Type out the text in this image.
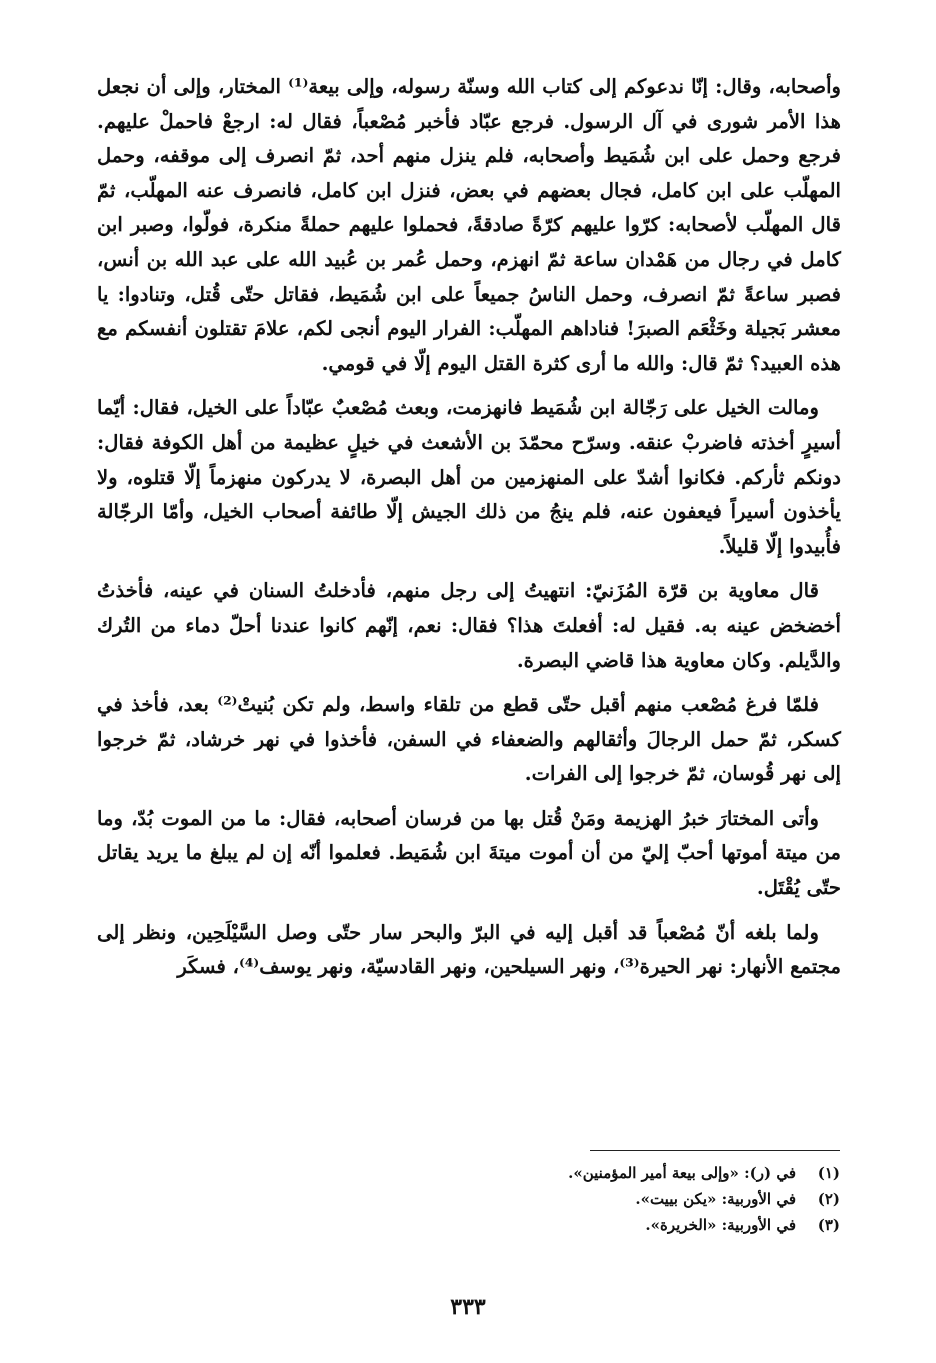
وأصحابه، وقال: إنّا ندعوكم إلى كتاب الله وسنّة رسوله، وإلى بيعة⁽¹⁾ المختار، وإلى أن نجعل هذا الأمر شورى في آل الرسول. فرجع عبّاد فأخبر مُصْعباً، فقال له: ارجعْ فاحملْ عليهم. فرجع وحمل على ابن شُمَيط وأصحابه، فلم ينزل منهم أحد، ثمّ انصرف إلى موقفه، وحمل المهلّب على ابن كامل، فجال بعضهم في بعض، فنزل ابن كامل، فانصرف عنه المهلّب، ثمّ قال المهلّب لأصحابه: كرّوا عليهم كرّةً صادقةً، فحملوا عليهم حملةً منكرة، فولّوا، وصبر ابن كامل في رجال من هَمْدان ساعة ثمّ انهزم، وحمل عُمر بن عُبيد الله على عبد الله بن أنس، فصبر ساعةً ثمّ انصرف، وحمل الناسُ جميعاً على ابن شُمَيط، فقاتل حتّى قُتل، وتنادوا: يا معشر بَجيلة وخَثْعَم الصبرَ! فناداهم المهلّب: الفرار اليوم أنجى لكم، علامَ تقتلون أنفسكم مع هذه العبيد؟ ثمّ قال: والله ما أرى كثرة القتل اليوم إلّا في قومي.

ومالت الخيل على رَجّالة ابن شُمَيط فانهزمت، وبعث مُصْعبٌ عبّاداً على الخيل، فقال: أيّما أسيرٍ أخذته فاضربْ عنقه. وسرّح محمّدَ بن الأشعث في خيلٍ عظيمة من أهل الكوفة فقال: دونكم ثأركم. فكانوا أشدّ على المنهزمين من أهل البصرة، لا يدركون منهزماً إلّا قتلوه، ولا يأخذون أسيراً فيعفون عنه، فلم ينجُ من ذلك الجيش إلّا طائفة أصحاب الخيل، وأمّا الرجّالة فأُبيدوا إلّا قليلاً.

قال معاوية بن قرّة المُزَنيّ: انتهيتُ إلى رجل منهم، فأدخلتُ السنان في عينه، فأخذتُ أخضخض عينه به. فقيل له: أفعلتَ هذا؟ فقال: نعم، إنّهم كانوا عندنا أحلّ دماء من التُرك والدَّيلم. وكان معاوية هذا قاضي البصرة.

فلمّا فرغ مُصْعب منهم أقبل حتّى قطع من تلقاء واسط، ولم تكن بُنيتْ⁽²⁾ بعد، فأخذ في كسكر، ثمّ حمل الرجالَ وأثقالهم والضعفاء في السفن، فأخذوا في نهر خرشاد، ثمّ خرجوا إلى نهر قُوسان، ثمّ خرجوا إلى الفرات.

وأتى المختارَ خبرُ الهزيمة ومَنْ قُتل بها من فرسان أصحابه، فقال: ما من الموت بُدّ، وما من ميتة أموتها أحبّ إليّ من أن أموت ميتةَ ابن شُمَيط. فعلموا أنّه إن لم يبلغ ما يريد يقاتل حتّى يُقْتَل.

ولما بلغه أنّ مُصْعباً قد أقبل إليه في البرّ والبحر سار حتّى وصل السَّيْلَحِين، ونظر إلى مجتمع الأنهار: نهر الحيرة⁽³⁾، ونهر السيلحين، ونهر القادسيّة، ونهر يوسف⁽⁴⁾، فسكَر

(١)
في (ر): «وإلى بيعة أمير المؤمنين».
(٢)
في الأوربية: «يكن بييت».
(٣)
في الأوربية: «الخريرة».
٣٣٣
